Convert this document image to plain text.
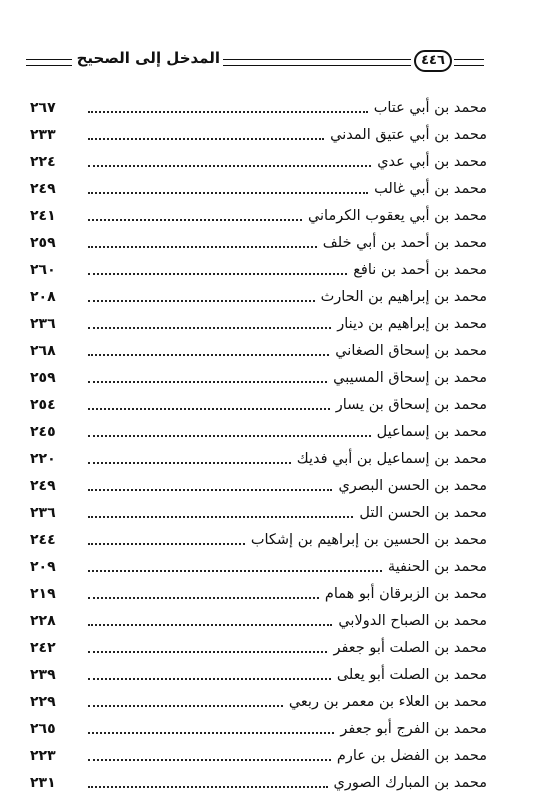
المدخل إلى الصحيح	٤٤٦
٢٦٧	محمد بن أبي عتاب
٢٣٣	محمد بن أبي عتيق المدني
٢٢٤	محمد بن أبي عدي
٢٤٩	محمد بن أبي غالب
٢٤١	محمد بن أبي يعقوب الكرماني
٢٥٩	محمد بن أحمد بن أبي خلف
٢٦٠	محمد بن أحمد بن نافع
٢٠٨	محمد بن إبراهيم بن الحارث
٢٣٦	محمد بن إبراهيم بن دينار
٢٦٨	محمد بن إسحاق الصغاني
٢٥٩	محمد بن إسحاق المسيبي
٢٥٤	محمد بن إسحاق بن يسار
٢٤٥	محمد بن إسماعيل
٢٢٠	محمد بن إسماعيل بن أبي فديك
٢٤٩	محمد بن الحسن البصري
٢٣٦	محمد بن الحسن التل
٢٤٤	محمد بن الحسين بن إبراهيم بن إشكاب
٢٠٩	محمد بن الحنفية
٢١٩	محمد بن الزبرقان أبو همام
٢٢٨	محمد بن الصباح الدولابي
٢٤٢	محمد بن الصلت أبو جعفر
٢٣٩	محمد بن الصلت أبو يعلى
٢٢٩	محمد بن العلاء بن معمر بن ربعي
٢٦٥	محمد بن الفرج أبو جعفر
٢٢٣	محمد بن الفضل بن عارم
٢٣١	محمد بن المبارك الصوري
